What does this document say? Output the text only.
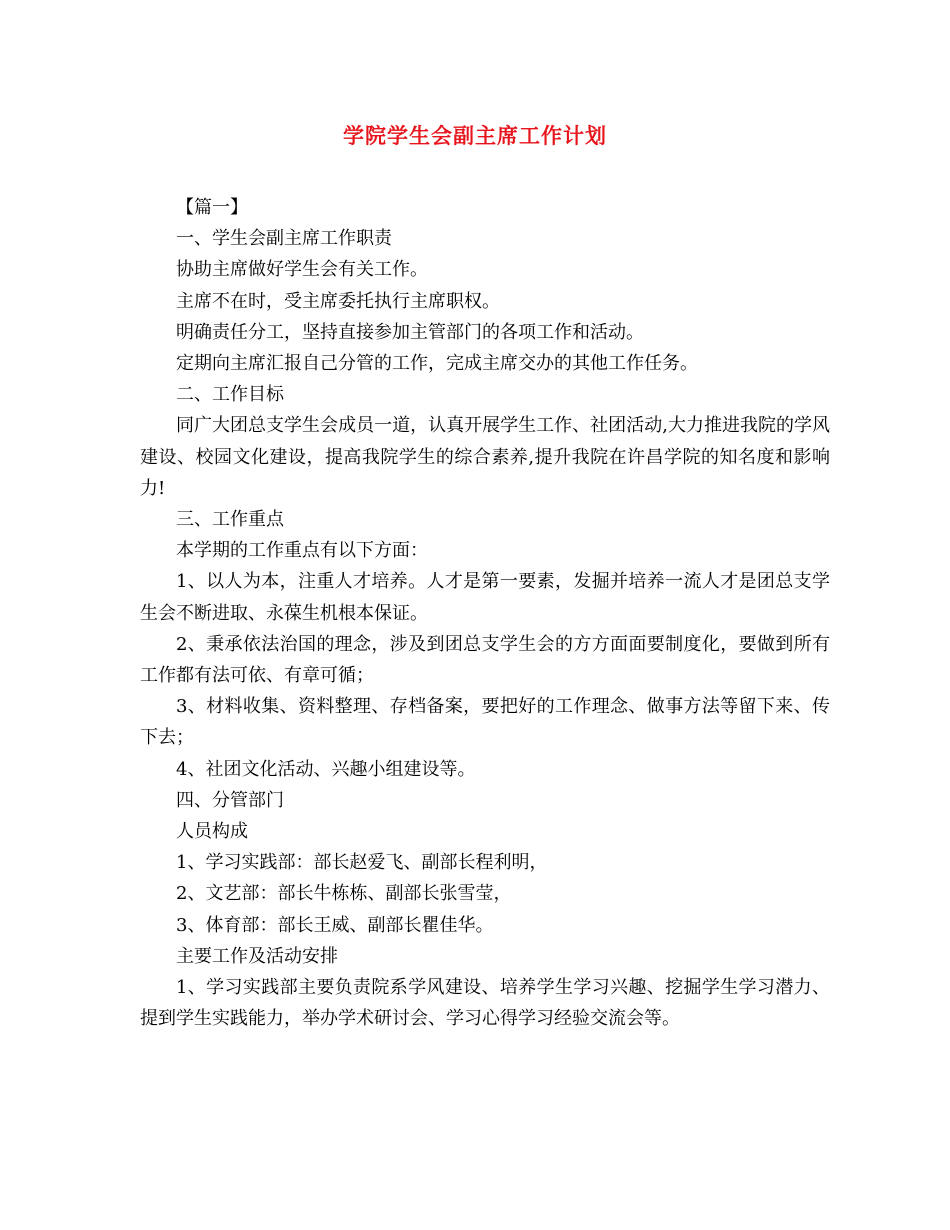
学院学生会副主席工作计划

【篇一】

一、学生会副主席工作职责

协助主席做好学生会有关工作。

主席不在时，受主席委托执行主席职权。

明确责任分工，坚持直接参加主管部门的各项工作和活动。

定期向主席汇报自己分管的工作，完成主席交办的其他工作任务。

二、工作目标

同广大团总支学生会成员一道，认真开展学生工作、社团活动,大力推进我院的学风建设、校园文化建设，提高我院学生的综合素养,提升我院在许昌学院的知名度和影响力!

三、工作重点

本学期的工作重点有以下方面：

1、以人为本，注重人才培养。人才是第一要素，发掘并培养一流人才是团总支学生会不断进取、永葆生机根本保证。

2、秉承依法治国的理念，涉及到团总支学生会的方方面面要制度化，要做到所有工作都有法可依、有章可循；

3、材料收集、资料整理、存档备案，要把好的工作理念、做事方法等留下来、传下去；

4、社团文化活动、兴趣小组建设等。

四、分管部门

人员构成

1、学习实践部：部长赵爱飞、副部长程利明，

2、文艺部：部长牛栋栋、副部长张雪莹，

3、体育部：部长王威、副部长瞿佳华。

主要工作及活动安排

1、学习实践部主要负责院系学风建设、培养学生学习兴趣、挖掘学生学习潜力、提到学生实践能力，举办学术研讨会、学习心得学习经验交流会等。
